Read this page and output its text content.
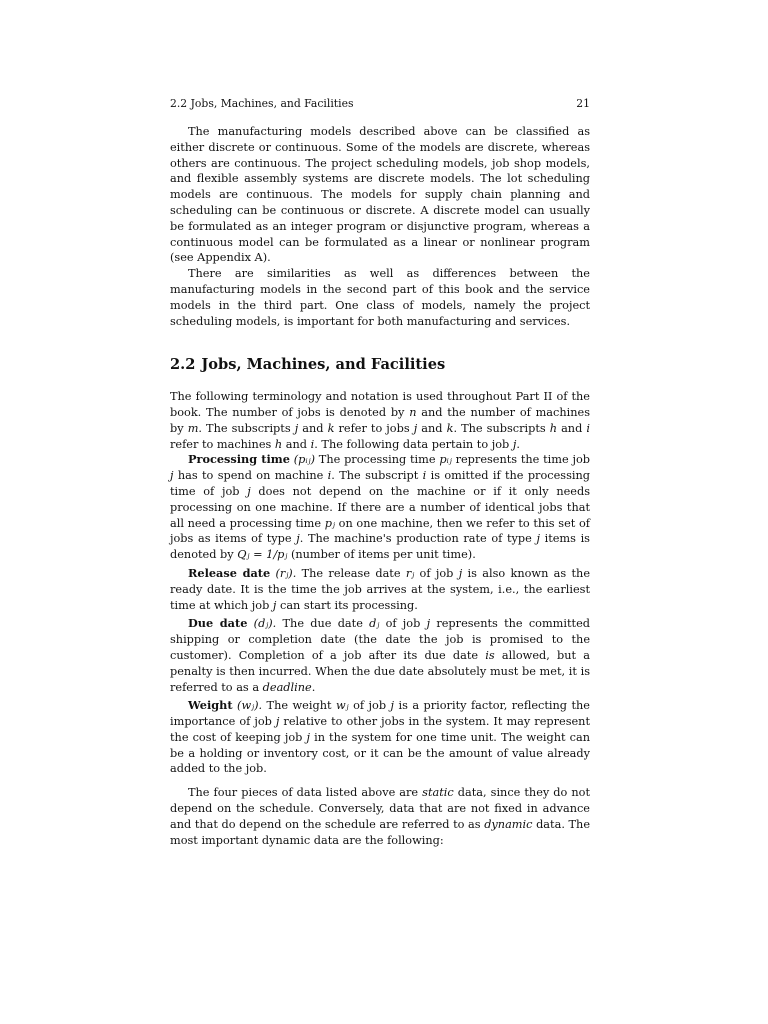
2.2 Jobs, Machines, and Facilities	21

The manufacturing models described above can be classified as either discrete or continuous. Some of the models are discrete, whereas others are continuous. The project scheduling models, job shop models, and flexible assembly systems are discrete models. The lot scheduling models are continuous. The models for supply chain planning and scheduling can be continuous or discrete. A discrete model can usually be formulated as an integer program or disjunctive program, whereas a continuous model can be formulated as a linear or nonlinear program (see Appendix A).

There are similarities as well as differences between the manufacturing models in the second part of this book and the service models in the third part. One class of models, namely the project scheduling models, is important for both manufacturing and services.

2.2 Jobs, Machines, and Facilities

The following terminology and notation is used throughout Part II of the book. The number of jobs is denoted by n and the number of machines by m. The subscripts j and k refer to jobs j and k. The subscripts h and i refer to machines h and i. The following data pertain to job j.

Processing time (pᵢⱼ) The processing time pᵢⱼ represents the time job j has to spend on machine i. The subscript i is omitted if the processing time of job j does not depend on the machine or if it only needs processing on one machine. If there are a number of identical jobs that all need a processing time pⱼ on one machine, then we refer to this set of jobs as items of type j. The machine's production rate of type j items is denoted by Qⱼ = 1/pⱼ (number of items per unit time).

Release date (rⱼ). The release date rⱼ of job j is also known as the ready date. It is the time the job arrives at the system, i.e., the earliest time at which job j can start its processing.

Due date (dⱼ). The due date dⱼ of job j represents the committed shipping or completion date (the date the job is promised to the customer). Completion of a job after its due date is allowed, but a penalty is then incurred. When the due date absolutely must be met, it is referred to as a deadline.

Weight (wⱼ). The weight wⱼ of job j is a priority factor, reflecting the importance of job j relative to other jobs in the system. It may represent the cost of keeping job j in the system for one time unit. The weight can be a holding or inventory cost, or it can be the amount of value already added to the job.

The four pieces of data listed above are static data, since they do not depend on the schedule. Conversely, data that are not fixed in advance and that do depend on the schedule are referred to as dynamic data. The most important dynamic data are the following:
